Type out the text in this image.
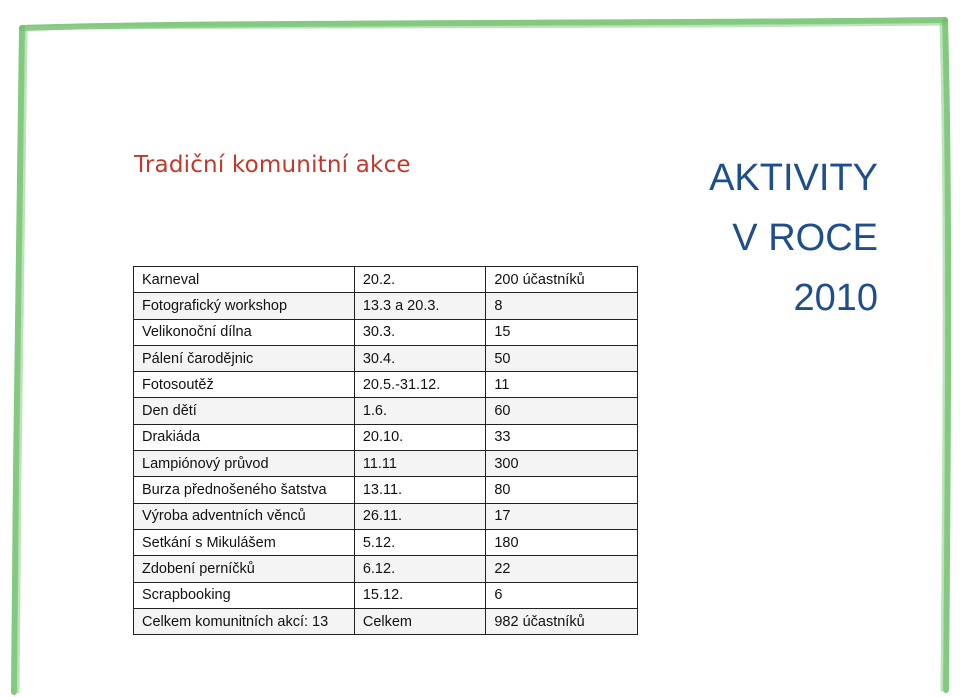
Tradiční komunitní akce	AKTIVITY
V ROCE
2010
Karneval	20.2.	200 účastníků
Fotografický workshop	13.3 a 20.3.	8
Velikonoční dílna	30.3.	15
Pálení čarodějnic	30.4.	50
Fotosoutěž	20.5.-31.12.	11
Den dětí	1.6.	60
Drakiáda	20.10.	33
Lampiónový průvod	11.11	300
Burza přednošeného šatstva	13.11.	80
Výroba adventních věnců	26.11.	17
Setkání s Mikulášem	5.12.	180
Zdobení perníčků	6.12.	22
Scrapbooking	15.12.	6
Celkem komunitních akcí: 13	Celkem	982 účastníků
